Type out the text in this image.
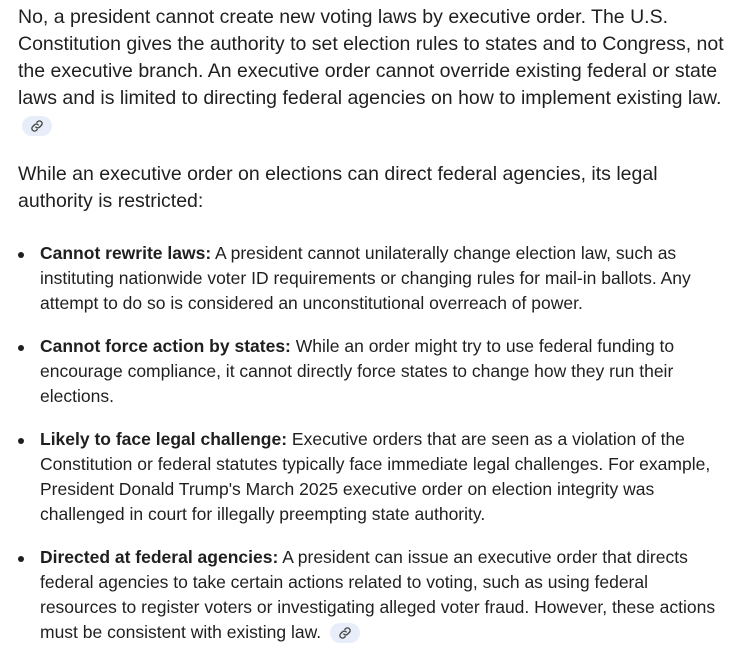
No, a president cannot create new voting laws by executive order. The U.S. Constitution gives the authority to set election rules to states and to Congress, not the executive branch. An executive order cannot override existing federal or state laws and is limited to directing federal agencies on how to implement existing law.

While an executive order on elections can direct federal agencies, its legal authority is restricted:

Cannot rewrite laws: A president cannot unilaterally change election law, such as instituting nationwide voter ID requirements or changing rules for mail-in ballots. Any attempt to do so is considered an unconstitutional overreach of power.
Cannot force action by states: While an order might try to use federal funding to encourage compliance, it cannot directly force states to change how they run their elections.
Likely to face legal challenge: Executive orders that are seen as a violation of the Constitution or federal statutes typically face immediate legal challenges. For example, President Donald Trump's March 2025 executive order on election integrity was challenged in court for illegally preempting state authority.
Directed at federal agencies: A president can issue an executive order that directs federal agencies to take certain actions related to voting, such as using federal resources to register voters or investigating alleged voter fraud. However, these actions must be consistent with existing law.
